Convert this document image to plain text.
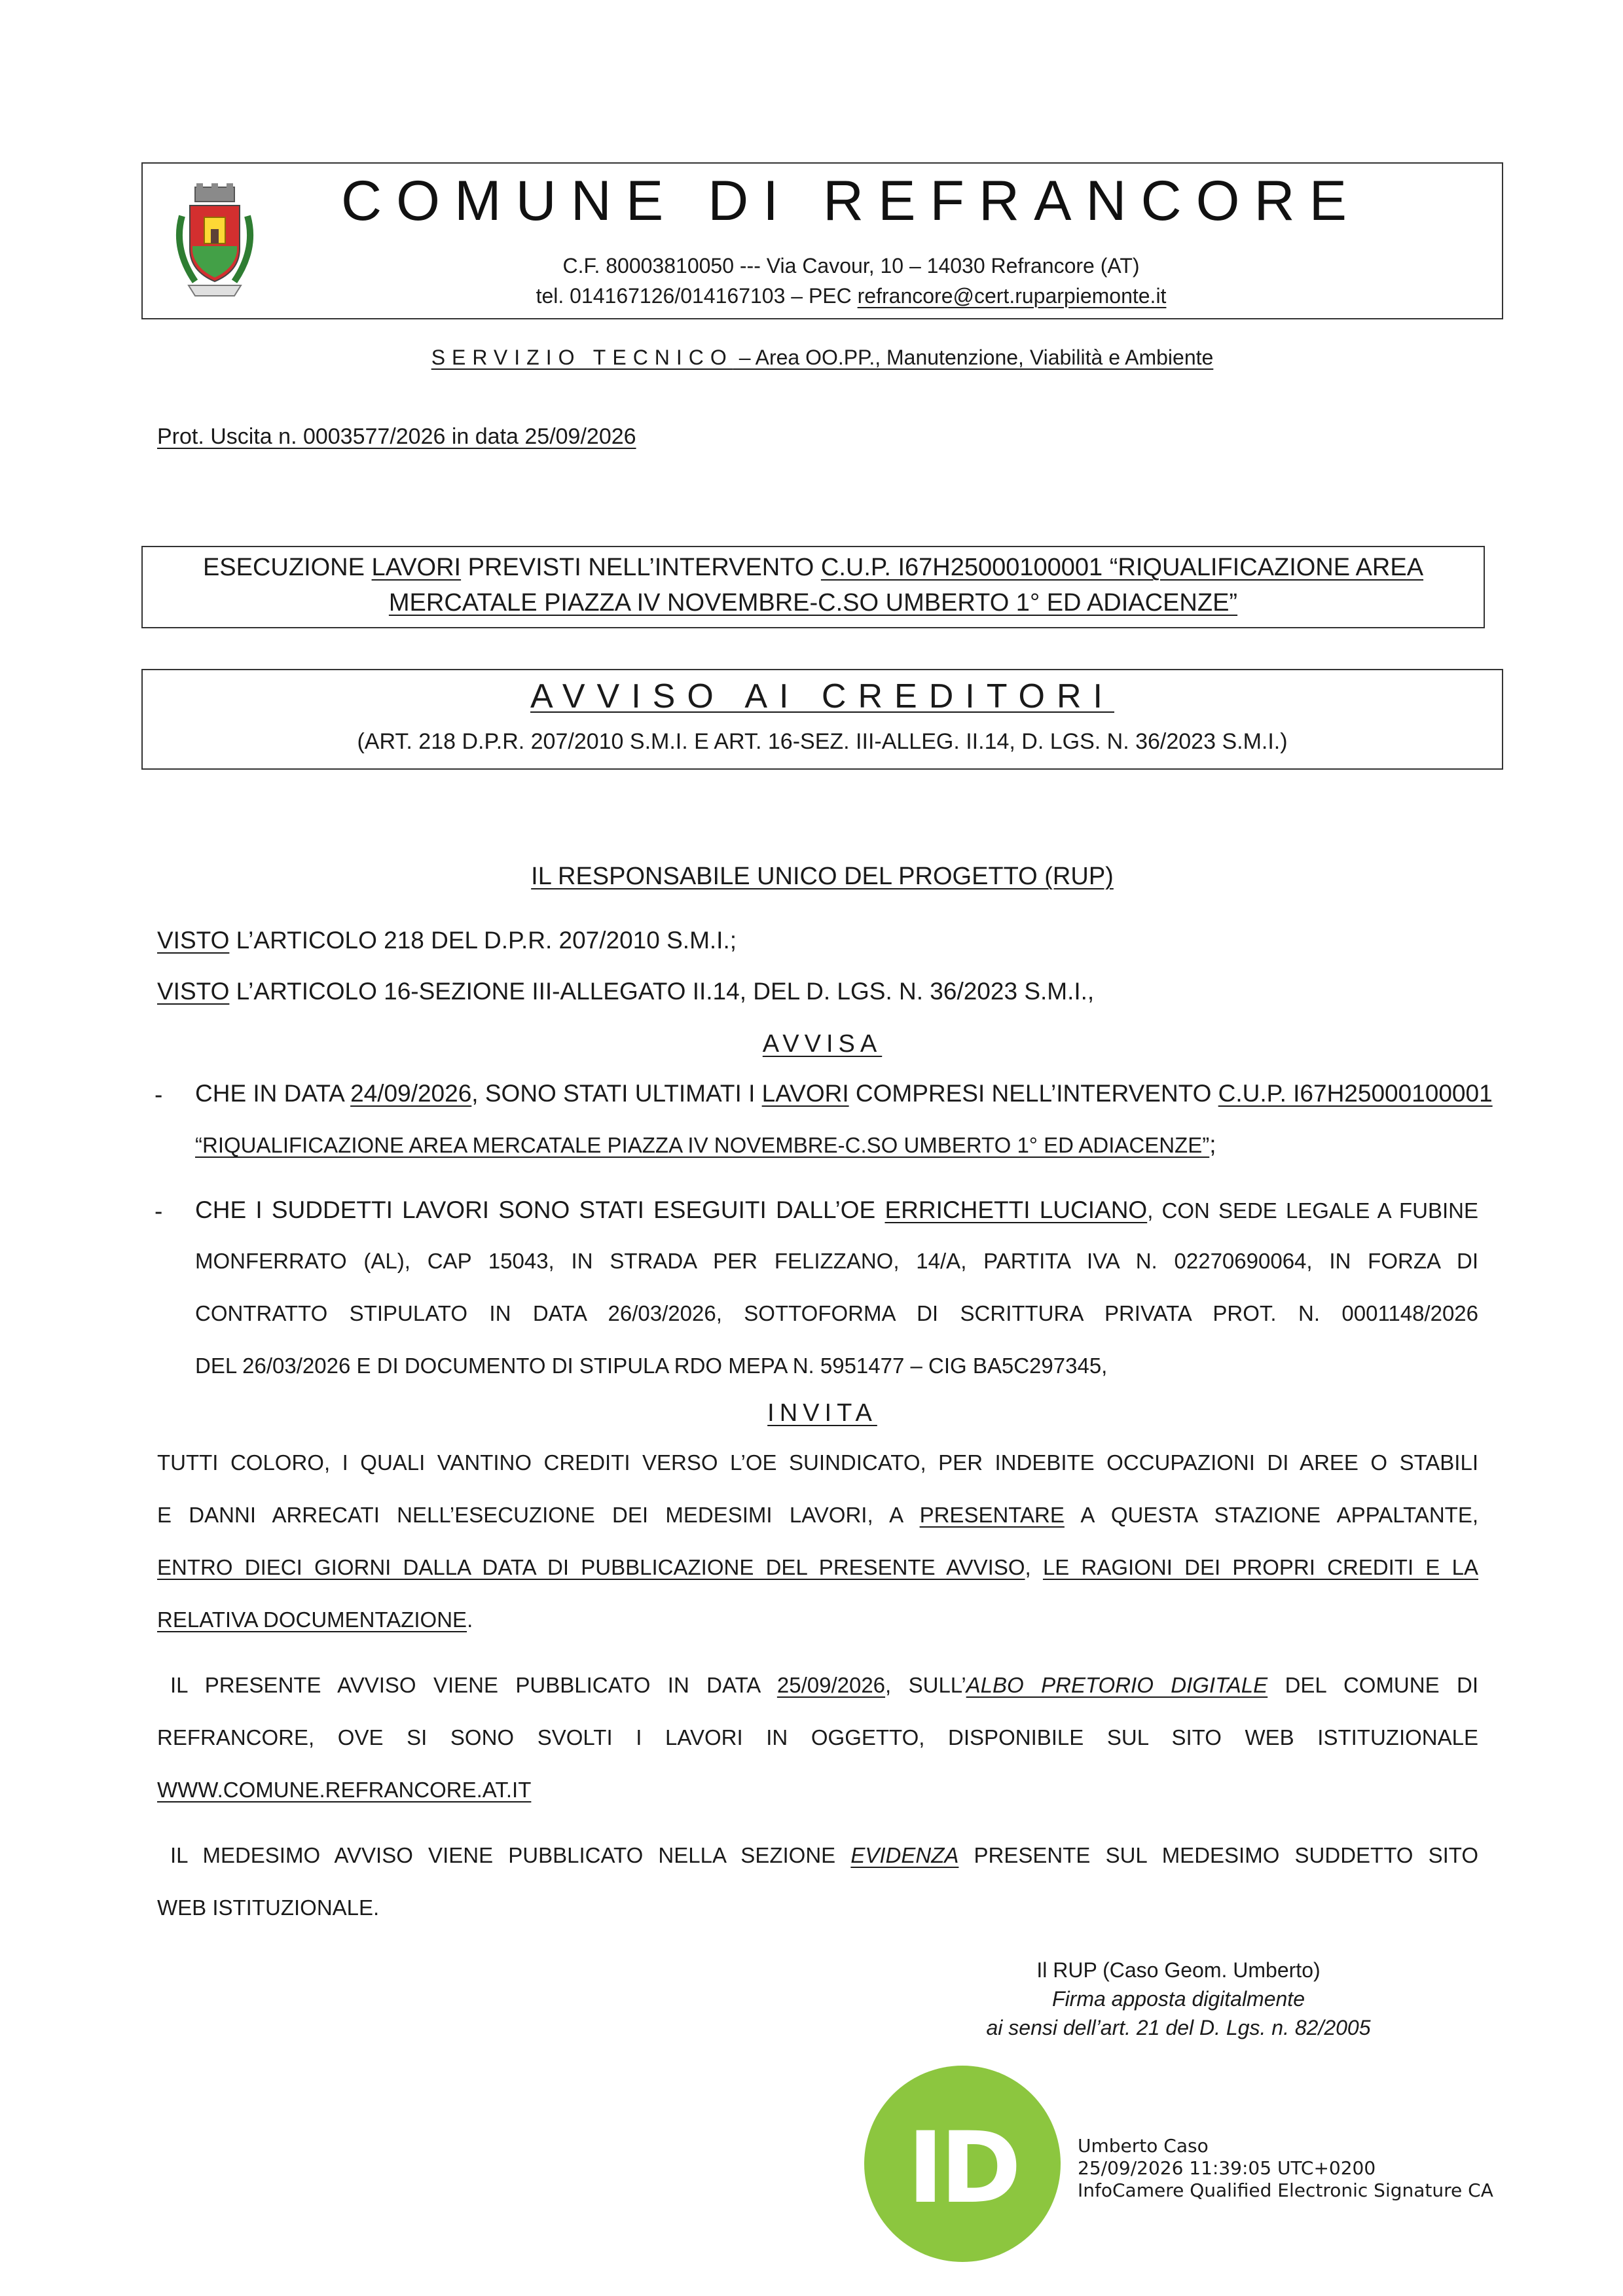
COMUNE DI REFRANCORE
C.F. 80003810050 --- Via Cavour, 10 – 14030 Refrancore (AT)
tel. 014167126/014167103 – PEC refrancore@cert.ruparpiemonte.it
SERVIZIO TECNICO – Area OO.PP., Manutenzione, Viabilità e Ambiente
Prot. Uscita n. 0003577/2026 in data 25/09/2026
ESECUZIONE LAVORI PREVISTI NELL’INTERVENTO C.U.P. I67H25000100001 “RIQUALIFICAZIONE AREA
MERCATALE PIAZZA IV NOVEMBRE-C.SO UMBERTO 1° ED ADIACENZE”
AVVISO AI CREDITORI
(ART. 218 D.P.R. 207/2010 S.M.I. E ART. 16-SEZ. III-ALLEG. II.14, D. LGS. N. 36/2023 S.M.I.)
IL RESPONSABILE UNICO DEL PROGETTO (RUP)
VISTO L’ARTICOLO 218 DEL D.P.R. 207/2010 S.M.I.;
VISTO L’ARTICOLO 16-SEZIONE III-ALLEGATO II.14, DEL D. LGS. N. 36/2023 S.M.I.,
AVVISA
- CHE IN DATA 24/09/2026, SONO STATI ULTIMATI I LAVORI COMPRESI NELL’INTERVENTO C.U.P. I67H25000100001
“RIQUALIFICAZIONE AREA MERCATALE PIAZZA IV NOVEMBRE-C.SO UMBERTO 1° ED ADIACENZE”;
- CHE I SUDDETTI LAVORI SONO STATI ESEGUITI DALL’OE ERRICHETTI LUCIANO, CON SEDE LEGALE A FUBINE
MONFERRATO (AL), CAP 15043, IN STRADA PER FELIZZANO, 14/A, PARTITA IVA N. 02270690064, IN FORZA DI
CONTRATTO STIPULATO IN DATA 26/03/2026, SOTTOFORMA DI SCRITTURA PRIVATA PROT. N. 0001148/2026
DEL 26/03/2026 E DI DOCUMENTO DI STIPULA RDO MEPA N. 5951477 – CIG BA5C297345,
INVITA
TUTTI COLORO, I QUALI VANTINO CREDITI VERSO L’OE SUINDICATO, PER INDEBITE OCCUPAZIONI DI AREE O STABILI
E DANNI ARRECATI NELL’ESECUZIONE DEI MEDESIMI LAVORI, A PRESENTARE A QUESTA STAZIONE APPALTANTE,
ENTRO DIECI GIORNI DALLA DATA DI PUBBLICAZIONE DEL PRESENTE AVVISO, LE RAGIONI DEI PROPRI CREDITI E LA
RELATIVA DOCUMENTAZIONE.
IL PRESENTE AVVISO VIENE PUBBLICATO IN DATA 25/09/2026, SULL’ALBO PRETORIO DIGITALE DEL COMUNE DI
REFRANCORE, OVE SI SONO SVOLTI I LAVORI IN OGGETTO, DISPONIBILE SUL SITO WEB ISTITUZIONALE
WWW.COMUNE.REFRANCORE.AT.IT
IL MEDESIMO AVVISO VIENE PUBBLICATO NELLA SEZIONE EVIDENZA PRESENTE SUL MEDESIMO SUDDETTO SITO
WEB ISTITUZIONALE.
Il RUP (Caso Geom. Umberto)
Firma apposta digitalmente
ai sensi dell’art. 21 del D. Lgs. n. 82/2005
ID	Umberto Caso
25/09/2026 11:39:05 UTC+0200
InfoCamere Qualified Electronic Signature CA
